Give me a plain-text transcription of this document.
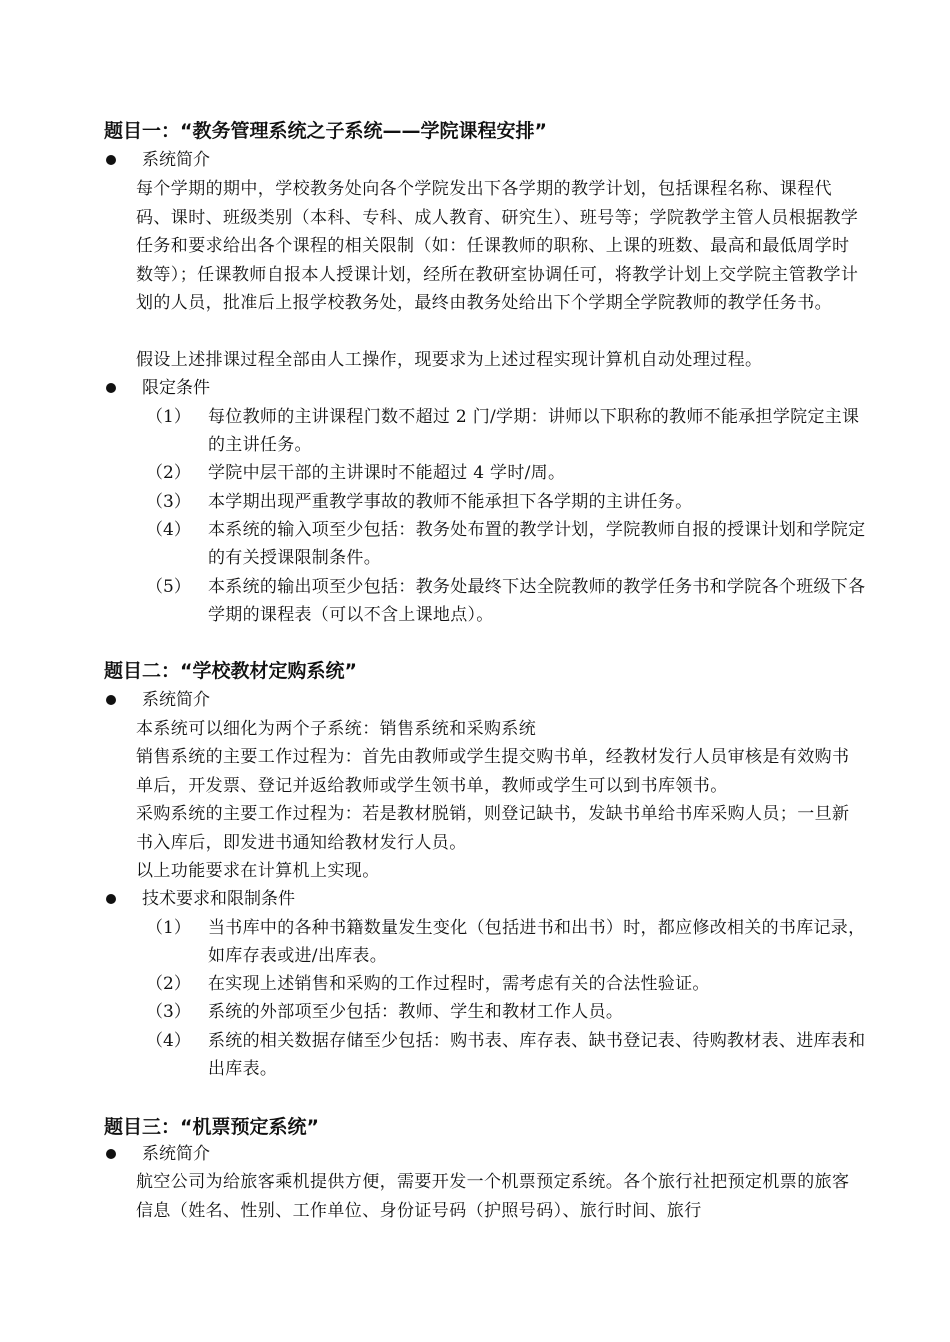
题目一：“教务管理系统之子系统——学院课程安排”
系统简介
每个学期的期中，学校教务处向各个学院发出下各学期的教学计划，包括课程名称、课程代码、课时、班级类别（本科、专科、成人教育、研究生）、班号等；学院教学主管人员根据教学任务和要求给出各个课程的相关限制（如：任课教师的职称、上课的班数、最高和最低周学时数等）；任课教师自报本人授课计划，经所在教研室协调任可，将教学计划上交学院主管教学计划的人员，批准后上报学校教务处，最终由教务处给出下个学期全学院教师的教学任务书。
假设上述排课过程全部由人工操作，现要求为上述过程实现计算机自动处理过程。
限定条件
（1） 每位教师的主讲课程门数不超过 2 门/学期：讲师以下职称的教师不能承担学院定主课的主讲任务。
（2） 学院中层干部的主讲课时不能超过 4 学时/周。
（3） 本学期出现严重教学事故的教师不能承担下各学期的主讲任务。
（4） 本系统的输入项至少包括：教务处布置的教学计划，学院教师自报的授课计划和学院定的有关授课限制条件。
（5） 本系统的输出项至少包括：教务处最终下达全院教师的教学任务书和学院各个班级下各学期的课程表（可以不含上课地点）。
题目二：“学校教材定购系统”
系统简介
本系统可以细化为两个子系统：销售系统和采购系统
销售系统的主要工作过程为：首先由教师或学生提交购书单，经教材发行人员审核是有效购书单后，开发票、登记并返给教师或学生领书单，教师或学生可以到书库领书。
采购系统的主要工作过程为：若是教材脱销，则登记缺书，发缺书单给书库采购人员；一旦新书入库后，即发进书通知给教材发行人员。
以上功能要求在计算机上实现。
技术要求和限制条件
（1） 当书库中的各种书籍数量发生变化（包括进书和出书）时，都应修改相关的书库记录，如库存表或进/出库表。
（2） 在实现上述销售和采购的工作过程时，需考虑有关的合法性验证。
（3） 系统的外部项至少包括：教师、学生和教材工作人员。
（4） 系统的相关数据存储至少包括：购书表、库存表、缺书登记表、待购教材表、进库表和出库表。
题目三：“机票预定系统”
系统简介
航空公司为给旅客乘机提供方便，需要开发一个机票预定系统。各个旅行社把预定机票的旅客信息（姓名、性别、工作单位、身份证号码（护照号码）、旅行时间、旅行
